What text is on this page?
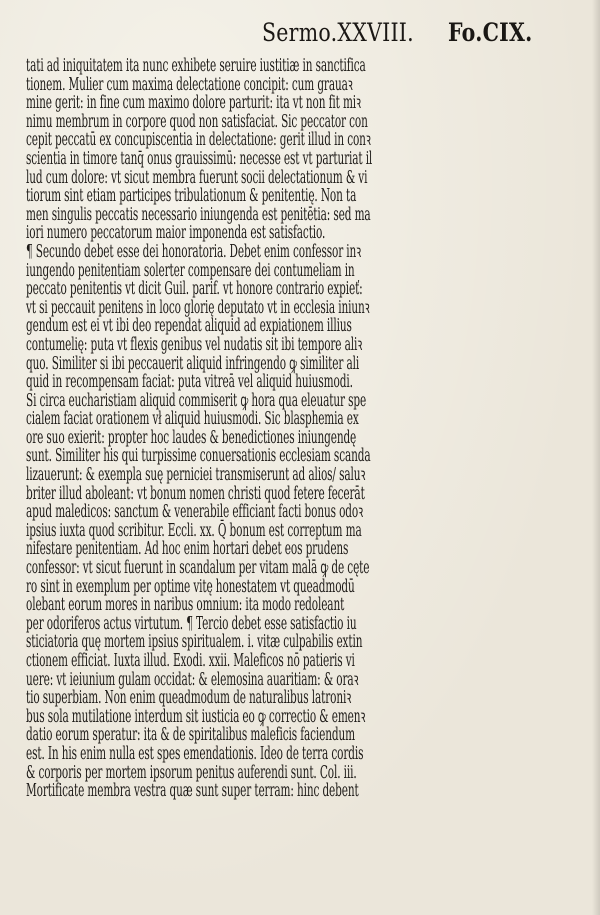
Sermo.XXVIII. Fo.CIX.
tati ad iniquitatem ita nunc exhibete seruire iustitiæ in sanctifica
tionem. Mulier cum maxima delectatione concipit: cum grauaꝛ
mine gerit: in fine cum maximo dolore parturit: ita vt non fit miꝛ
nimu membrum in corpore quod non satisfaciat. Sic peccator con
cepit peccatū ex concupiscentia in delectatione: gerit illud in conꝛ
scientia in timore tanq̄ onus grauissimū: necesse est vt parturiat il
lud cum dolore: vt sicut membra fuerunt socii delectationum & vi
tiorum sint etiam participes tribulationum & penitentię. Non ta
men singulis peccatis necessario iniungenda est penitētia: sed ma
iori numero peccatorum maior imponenda est satisfactio.
¶ Secundo debet esse dei honoratoria. Debet enim confessor inꝛ
iungendo penitentiam solerter compensare dei contumeliam in
peccato penitentis vt dicit Guil. parif. vt honore contrario expieť:
vt si peccauit penitens in loco glorię deputato vt in ecclesia iniunꝛ
gendum est ei vt ibi deo rependat aliquid ad expiationem illius
contumelię: puta vt flexis genibus vel nudatis sit ibi tempore aliꝛ
quo. Similiter si ibi peccauerit aliquid infringendo ꝙ similiter ali
quid in recompensam faciat: puta vitreā vel aliquid huiusmodi.
Si circa eucharistiam aliquid commiserit ꝙ hora qua eleuatur spe
cialem faciat orationem vł aliquid huiusmodi. Sic blasphemia ex
ore suo exierit: propter hoc laudes & benedictiones iniungendę
sunt. Similiter his qui turpissime conuersationis ecclesiam scanda
lizauerunt: & exempla suę perniciei transmiserunt ad alios/ saluꝛ
briter illud aboleant: vt bonum nomen christi quod fetere fecerāt
apud maledicos: sanctum & venerabile efficiant facti bonus odoꝛ
ipsius iuxta quod scribitur. Eccli. xx. Q̄ bonum est correptum ma
nifestare penitentiam. Ad hoc enim hortari debet eos prudens
confessor: vt sicut fuerunt in scandalum per vitam malā ꝙ de cęte
ro sint in exemplum per optime vitę honestatem vt queadmodū
olebant eorum mores in naribus omnium: ita modo redoleant
per odoriferos actus virtutum. ¶ Tercio debet esse satisfactio iu
sticiatoria quę mortem ipsius spiritualem. i. vitæ culpabilis extin
ctionem efficiat. Iuxta illud. Exodi. xxii. Maleficos nō patieris vi
uere: vt ieiunium gulam occidat: & elemosina auaritiam: & oraꝛ
tio superbiam. Non enim queadmodum de naturalibus latroniꝛ
bus sola mutilatione interdum sit iusticia eo ꝙ correctio & emenꝛ
datio eorum speratur: ita & de spiritalibus maleficis faciendum
est. In his enim nulla est spes emendationis. Ideo de terra cordis
& corporis per mortem ipsorum penitus auferendi sunt. Col. iii.
Mortificate membra vestra quæ sunt super terram: hinc debent
